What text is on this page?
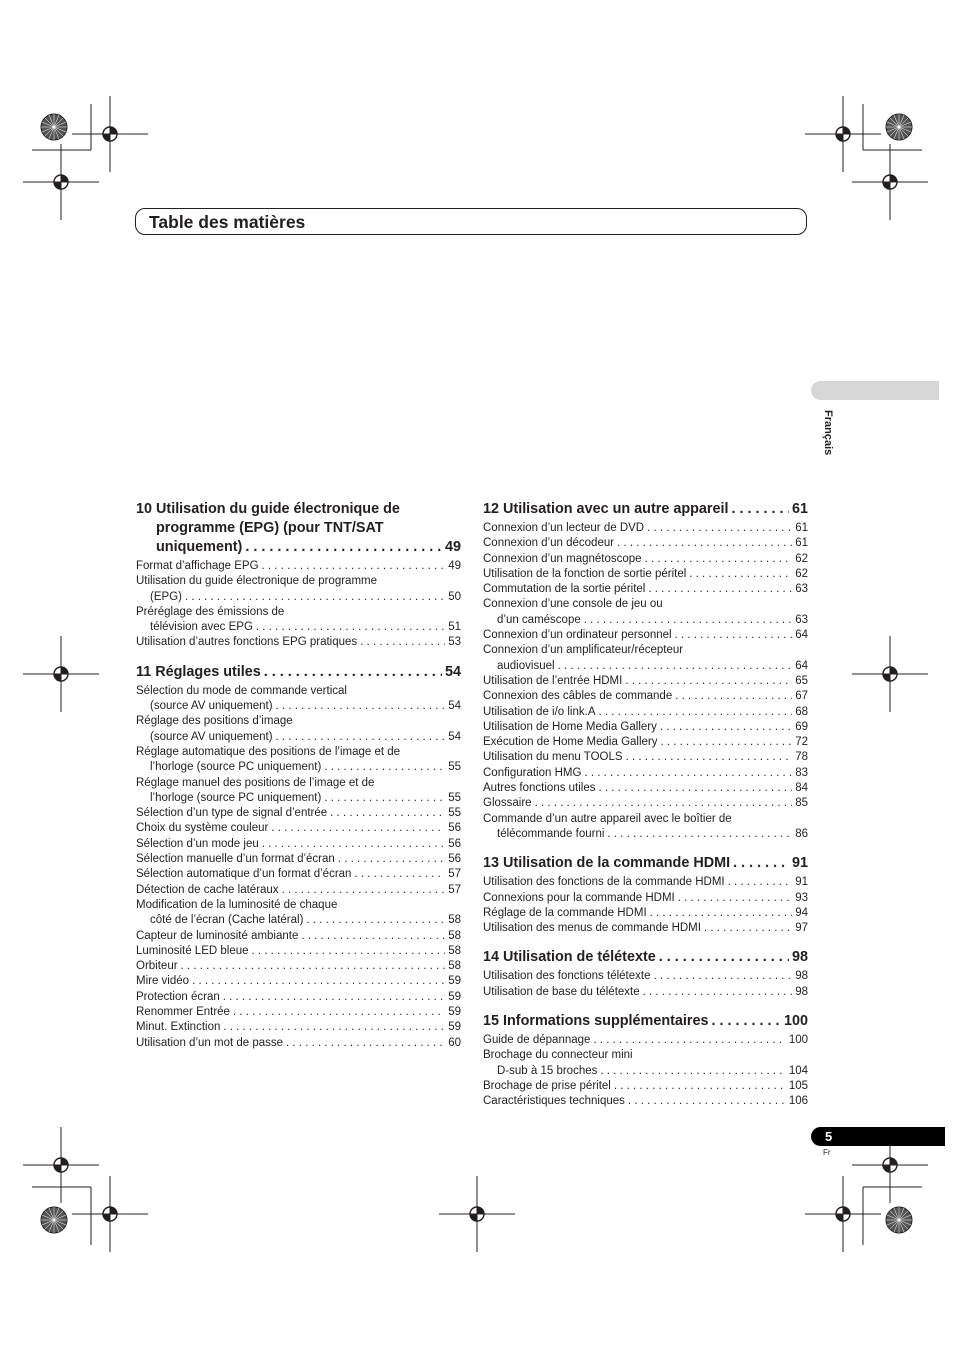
Table des matières
Français
10 Utilisation du guide électronique de
programme (EPG) (pour TNT/SAT
uniquement) . . .	49
Format d’affichage EPG . . .	49
Utilisation du guide électronique de programme
(EPG) . . .	50
Préréglage des émissions de
télévision avec EPG . . .	51
Utilisation d’autres fonctions EPG pratiques . . .	53
11 Réglages utiles . . .	54
Sélection du mode de commande vertical
(source AV uniquement) . . .	54
Réglage des positions d’image
(source AV uniquement) . . .	54
Réglage automatique des positions de l’image et de
l’horloge (source PC uniquement) . . .	55
Réglage manuel des positions de l’image et de
l’horloge (source PC uniquement) . . .	55
Sélection d’un type de signal d’entrée . . .	55
Choix du système couleur . . .	56
Sélection d’un mode jeu . . .	56
Sélection manuelle d’un format d’écran . . .	56
Sélection automatique d’un format d’écran . . .	57
Détection de cache latéraux . . .	57
Modification de la luminosité de chaque
côté de l’écran (Cache latéral) . . .	58
Capteur de luminosité ambiante . . .	58
Luminosité LED bleue . . .	58
Orbiteur . . .	58
Mire vidéo . . .	59
Protection écran . . .	59
Renommer Entrée . . .	59
Minut. Extinction . . .	59
Utilisation d’un mot de passe . . .	60
12 Utilisation avec un autre appareil . . .	61
Connexion d’un lecteur de DVD . . .	61
Connexion d’un décodeur . . .	61
Connexion d’un magnétoscope . . .	62
Utilisation de la fonction de sortie péritel . . .	62
Commutation de la sortie péritel . . .	63
Connexion d’une console de jeu ou
d’un caméscope . . .	63
Connexion d’un ordinateur personnel . . .	64
Connexion d’un amplificateur/récepteur
audiovisuel . . .	64
Utilisation de l’entrée HDMI . . .	65
Connexion des câbles de commande . . .	67
Utilisation de i/o link.A . . .	68
Utilisation de Home Media Gallery . . .	69
Exécution de Home Media Gallery . . .	72
Utilisation du menu TOOLS . . .	78
Configuration HMG . . .	83
Autres fonctions utiles . . .	84
Glossaire . . .	85
Commande d’un autre appareil avec le boîtier de
télécommande fourni . . .	86
13 Utilisation de la commande HDMI . . .	91
Utilisation des fonctions de la commande HDMI . . .	91
Connexions pour la commande HDMI . . .	93
Réglage de la commande HDMI . . .	94
Utilisation des menus de commande HDMI . . .	97
14 Utilisation de télétexte . . .	98
Utilisation des fonctions télétexte . . .	98
Utilisation de base du télétexte . . .	98
15 Informations supplémentaires . . .	100
Guide de dépannage . . .	100
Brochage du connecteur mini
D-sub à 15 broches . . .	104
Brochage de prise péritel . . .	105
Caractéristiques techniques . . .	106
5
Fr
